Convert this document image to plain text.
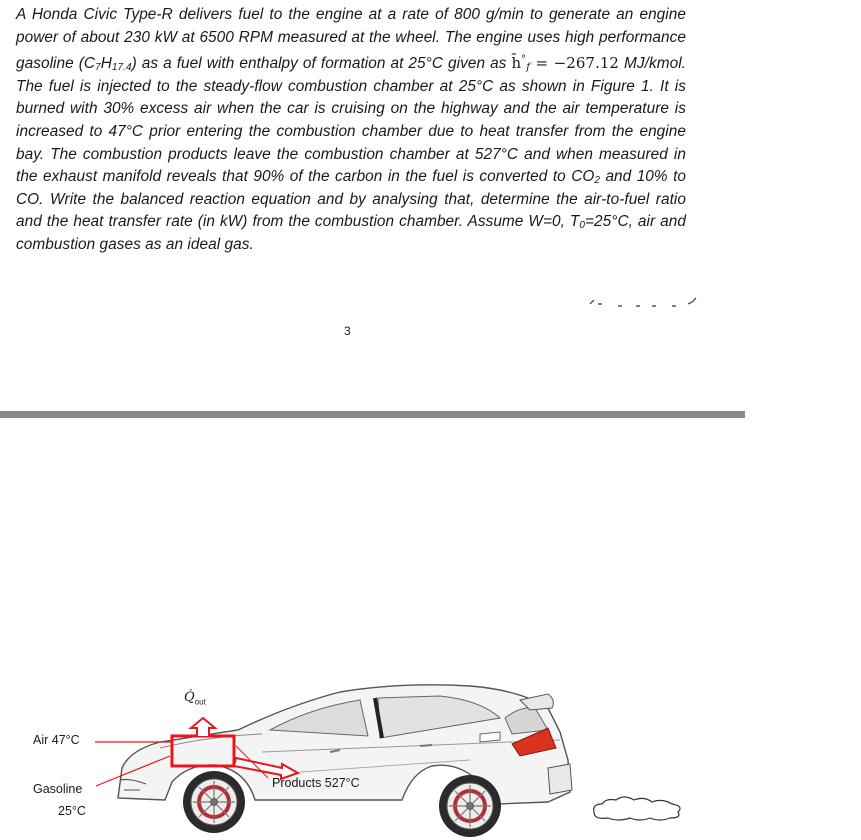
A Honda Civic Type-R delivers fuel to the engine at a rate of 800 g/min to generate an engine power of about 230 kW at 6500 RPM measured at the wheel. The engine uses high performance gasoline $(C_7H_{17.4})$ as a fuel with enthalpy of formation at 25°C given as $h̄^\circ_f = -267.12$ MJ/kmol. The fuel is injected to the steady-flow combustion chamber at 25°C as shown in Figure 1. It is burned with 30% excess air when the car is cruising on the highway and the air temperature is increased to 47°C prior entering the combustion chamber due to heat transfer from the engine bay. The combustion products leave the combustion chamber at 527°C and when measured in the exhaust manifold reveals that 90% of the carbon in the fuel is converted to $CO_2$ and 10% to CO. Write the balanced reaction equation and by analysing that, determine the air-to-fuel ratio and the heat transfer rate (in kW) from the combustion chamber. Assume W=0, $T_0=25^\circ C$, air and combustion gases as an ideal gas.
3
Air 47°C
Gasoline
25°C
$Q̇_{out}$
Products 527°C
